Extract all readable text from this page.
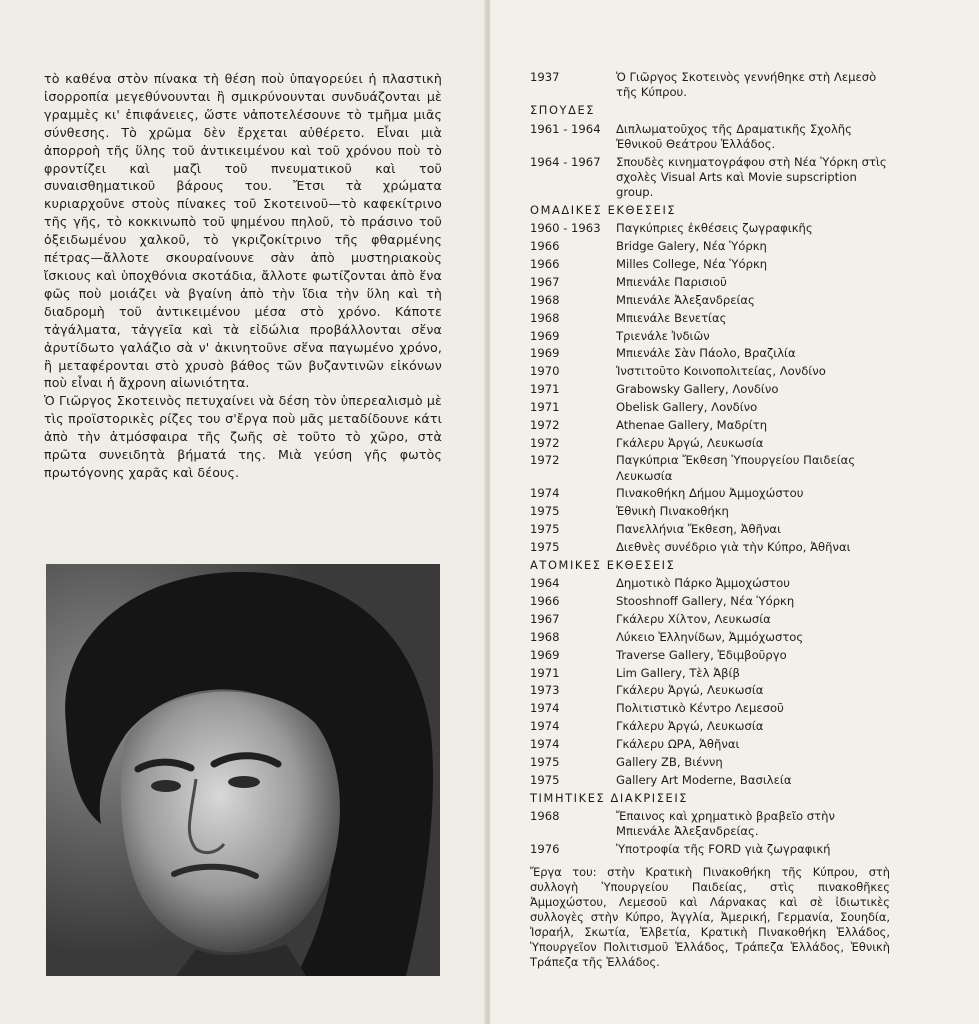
τὸ καθένα στὸν πίνακα τὴ θέση ποὺ ὑπαγορεύει ἡ πλαστικὴ ἰσορροπία μεγεθύνουνται ἢ σμικρύνουνται συνδυάζονται μὲ γραμμὲς κι' ἐπιφάνειες, ὥστε νἀποτελέσουνε τὸ τμῆμα μιᾶς σύνθεσης. Τὸ χρῶμα δὲν ἔρχεται αὐθέρετο. Εἶναι μιὰ ἀπορροὴ τῆς ὕλης τοῦ ἀντικειμένου καὶ τοῦ χρόνου ποὺ τὸ φροντίζει καὶ μαζὶ τοῦ πνευματικοῦ καὶ τοῦ συναισθηματικοῦ βάρους του. Ἔτσι τὰ χρώματα κυριαρχοῦνε στοὺς πίνακες τοῦ Σκοτεινοῦ—τὸ καφεκίτρινο τῆς γῆς, τὸ κοκκινωπὸ τοῦ ψημένου πηλοῦ, τὸ πράσινο τοῦ ὀξειδωμένου χαλκοῦ, τὸ γκριζοκίτρινο τῆς φθαρμένης πέτρας—ἄλλοτε σκουραίνουνε σὰν ἀπὸ μυστηριακοὺς ἴσκιους καὶ ὑποχθόνια σκοτάδια, ἄλλοτε φωτίζονται ἀπὸ ἕνα φῶς ποὺ μοιάζει νὰ βγαίνη ἀπὸ τὴν ἴδια τὴν ὕλη καὶ τὴ διαδρομὴ τοῦ ἀντικειμένου μέσα στὸ χρόνο. Κάποτε τἀγάλματα, τἀγγεῖα καὶ τὰ εἰδώλια προβάλλονται σἕνα ἀρυτίδωτο γαλάζιο σὰ ν' ἀκινητοῦνε σἕνα παγωμένο χρόνο, ἢ μεταφέρονται στὸ χρυσὸ βάθος τῶν βυζαντινῶν εἰκόνων ποὺ εἶναι ἡ ἄχρονη αἰωνιότητα.

Ὁ Γιῶργος Σκοτεινὸς πετυχαίνει νὰ δέση τὸν ὑπερεαλισμὸ μὲ τὶς προϊστορικὲς ρίζες του σ'ἔργα ποὺ μᾶς μεταδίδουνε κάτι ἀπὸ τὴν ἀτμόσφαιρα τῆς ζωῆς σὲ τοῦτο τὸ χῶρο, στὰ πρῶτα συνειδητὰ βήματά της. Μιὰ γεύση γῆς φωτὸς πρωτόγονης χαρᾶς καὶ δέους.

1937	Ὁ Γιῶργος Σκοτεινὸς γεννήθηκε στὴ Λεμεσὸ τῆς Κύπρου.
ΣΠΟΥΔΕΣ
1961 - 1964	Διπλωματοῦχος τῆς Δραματικῆς Σχολῆς Ἐθνικοῦ Θεάτρου Ἑλλάδος.
1964 - 1967	Σπουδὲς κινηματογράφου στὴ Νέα Ὑόρκη στὶς σχολὲς Visual Arts καὶ Movie supscription group.
ΟΜΑΔΙΚΕΣ ΕΚΘΕΣΕΙΣ
1960 - 1963	Παγκύπριες ἐκθέσεις ζωγραφικῆς
1966	Bridge Galery, Νέα Ὑόρκη
1966	Milles College, Νέα Ὑόρκη
1967	Μπιενάλε Παρισιοῦ
1968	Μπιενάλε Ἀλεξανδρείας
1968	Μπιενάλε Βενετίας
1969	Τριενάλε Ἰνδιῶν
1969	Μπιενάλε Σὰν Πάολο, Βραζιλία
1970	Ἰνστιτοῦτο Κοινοπολιτείας, Λονδίνο
1971	Grabowsky Gallery, Λονδίνο
1971	Obelisk Gallery, Λονδίνο
1972	Athenae Gallery, Μαδρίτη
1972	Γκάλερυ Ἀργώ, Λευκωσία
1972	Παγκύπρια Ἔκθεση Ὑπουργείου Παιδείας Λευκωσία
1974	Πινακοθήκη Δήμου Ἀμμοχώστου
1975	Ἐθνικὴ Πινακοθήκη
1975	Πανελλήνια Ἔκθεση, Ἀθῆναι
1975	Διεθνὲς συνέδριο γιὰ τὴν Κύπρο, Ἀθῆναι
ΑΤΟΜΙΚΕΣ ΕΚΘΕΣΕΙΣ
1964	Δημοτικὸ Πάρκο Ἀμμοχώστου
1966	Stooshnoff Gallery, Νέα Ὑόρκη
1967	Γκάλερυ Χίλτον, Λευκωσία
1968	Λύκειο Ἑλληνίδων, Ἀμμόχωστος
1969	Traverse Gallery, Ἐδιμβοῦργο
1971	Lim Gallery, Τὲλ Ἀβίβ
1973	Γκάλερυ Ἀργώ, Λευκωσία
1974	Πολιτιστικὸ Κέντρο Λεμεσοῦ
1974	Γκάλερυ Ἀργώ, Λευκωσία
1974	Γκάλερυ ΩΡΑ, Ἀθῆναι
1975	Gallery ZB, Βιέννη
1975	Gallery Art Moderne, Βασιλεία
ΤΙΜΗΤΙΚΕΣ ΔΙΑΚΡΙΣΕΙΣ
1968	Ἔπαινος καὶ χρηματικὸ βραβεῖο στὴν Μπιενάλε Ἀλεξανδρείας.
1976	Ὑποτροφία τῆς FORD γιὰ ζωγραφική
Ἔργα του: στὴν Κρατικὴ Πινακοθήκη τῆς Κύπρου, στὴ συλλογὴ Ὑπουργείου Παιδείας, στὶς πινακοθῆκες Ἀμμοχώστου, Λεμεσοῦ καὶ Λάρνακας καὶ σὲ ἰδιωτικὲς συλλογὲς στὴν Κύπρο, Ἀγγλία, Ἀμερική, Γερμανία, Σουηδία, Ἰσραήλ, Σκωτία, Ἑλβετία, Κρατικὴ Πινακοθήκη Ἑλλάδος, Ὑπουργεῖον Πολιτισμοῦ Ἑλλάδος, Τράπεζα Ἑλλάδος, Ἐθνικὴ Τράπεζα τῆς Ἑλλάδος.
